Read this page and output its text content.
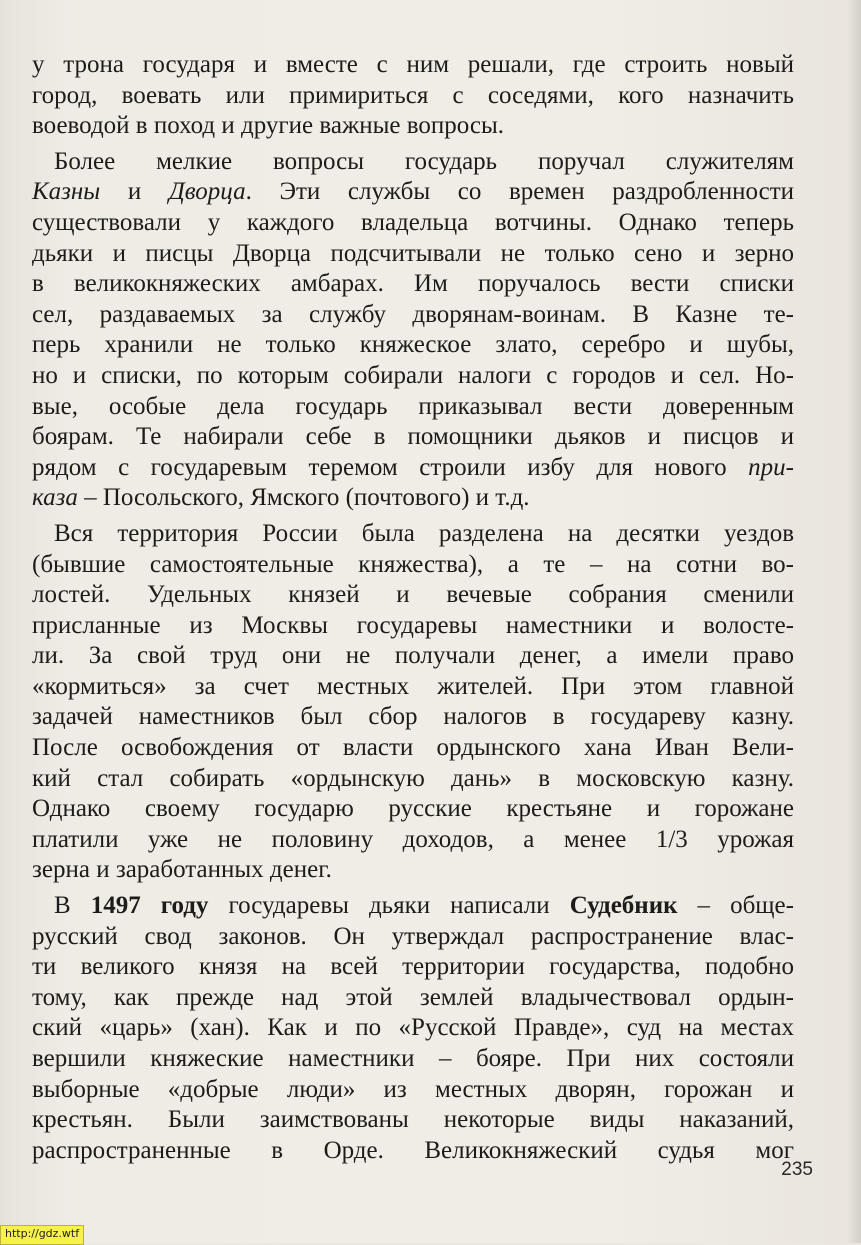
у трона государя и вместе с ним решали, где строить новый
город, воевать или примириться с соседями, кого назначить
воеводой в поход и другие важные вопросы.
Более мелкие вопросы государь поручал служителям
Казны и Дворца. Эти службы со времен раздробленности
существовали у каждого владельца вотчины. Однако теперь
дьяки и писцы Дворца подсчитывали не только сено и зерно
в великокняжеских амбарах. Им поручалось вести списки
сел, раздаваемых за службу дворянам-воинам. В Казне те-
перь хранили не только княжеское злато, серебро и шубы,
но и списки, по которым собирали налоги с городов и сел. Но-
вые, особые дела государь приказывал вести доверенным
боярам. Те набирали себе в помощники дьяков и писцов и
рядом с государевым теремом строили избу для нового при-
каза – Посольского, Ямского (почтового) и т.д.
Вся территория России была разделена на десятки уездов
(бывшие самостоятельные княжества), а те – на сотни во-
лостей. Удельных князей и вечевые собрания сменили
присланные из Москвы государевы наместники и волосте-
ли. За свой труд они не получали денег, а имели право
«кормиться» за счет местных жителей. При этом главной
задачей наместников был сбор налогов в государеву казну.
После освобождения от власти ордынского хана Иван Вели-
кий стал собирать «ордынскую дань» в московскую казну.
Однако своему государю русские крестьяне и горожане
платили уже не половину доходов, а менее 1/3 урожая
зерна и заработанных денег.
В 1497 году государевы дьяки написали Судебник – обще-
русский свод законов. Он утверждал распространение влас-
ти великого князя на всей территории государства, подобно
тому, как прежде над этой землей владычествовал ордын-
ский «царь» (хан). Как и по «Русской Правде», суд на местах
вершили княжеские наместники – бояре. При них состояли
выборные «добрые люди» из местных дворян, горожан и
крестьян. Были заимствованы некоторые виды наказаний,
распространенные в Орде. Великокняжеский судья мог
235
http://gdz.wtf
